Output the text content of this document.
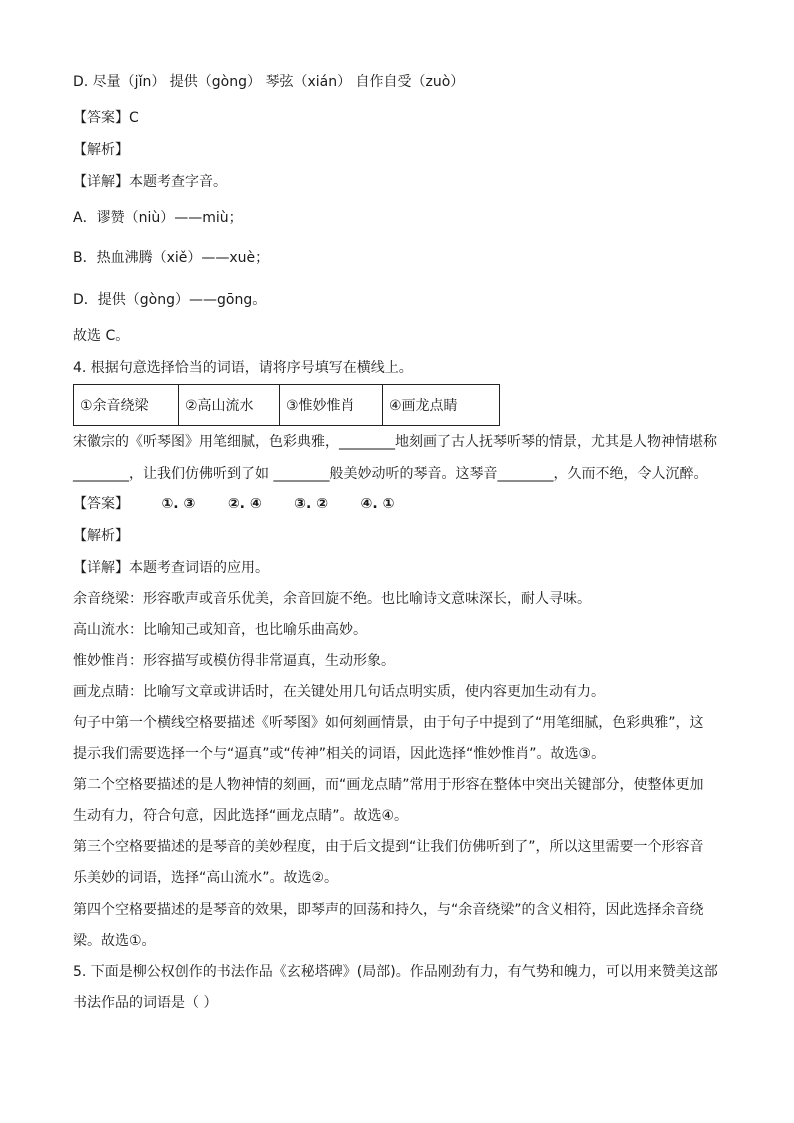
D. 尽量（jǐn） 提供（gòng） 琴弦（xián） 自作自受（zuò）
【答案】C
【解析】
【详解】本题考查字音。
A．谬赞（niù）——miù；
B．热血沸腾（xiě）——xuè；
D．提供（gòng）——gōng。
故选 C。
4. 根据句意选择恰当的词语，请将序号填写在横线上。
①余音绕梁	②高山流水	③惟妙惟肖	④画龙点睛
宋徽宗的《听琴图》用笔细腻，色彩典雅，________地刻画了古人抚琴听琴的情景，尤其是人物神情堪称
________，让我们仿佛听到了如 ________般美妙动听的琴音。这琴音________，久而不绝，令人沉醉。
【答案】 ①. ③ ②. ④ ③. ② ④. ①
【解析】
【详解】本题考查词语的应用。
余音绕梁：形容歌声或音乐优美，余音回旋不绝。也比喻诗文意味深长，耐人寻味。
高山流水：比喻知己或知音，也比喻乐曲高妙。
惟妙惟肖：形容描写或模仿得非常逼真，生动形象。
画龙点睛：比喻写文章或讲话时，在关键处用几句话点明实质，使内容更加生动有力。
句子中第一个横线空格要描述《听琴图》如何刻画情景，由于句子中提到了“用笔细腻，色彩典雅”，这
提示我们需要选择一个与“逼真”或“传神”相关的词语，因此选择“惟妙惟肖”。故选③。
第二个空格要描述的是人物神情的刻画，而“画龙点睛”常用于形容在整体中突出关键部分，使整体更加
生动有力，符合句意，因此选择“画龙点睛”。故选④。
第三个空格要描述的是琴音的美妙程度，由于后文提到“让我们仿佛听到了”，所以这里需要一个形容音
乐美妙的词语，选择“高山流水”。故选②。
第四个空格要描述的是琴音的效果，即琴声的回荡和持久，与“余音绕梁”的含义相符，因此选择余音绕
梁。故选①。
5. 下面是柳公权创作的书法作品《玄秘塔碑》(局部)。作品刚劲有力，有气势和魄力，可以用来赞美这部
书法作品的词语是（ ）
